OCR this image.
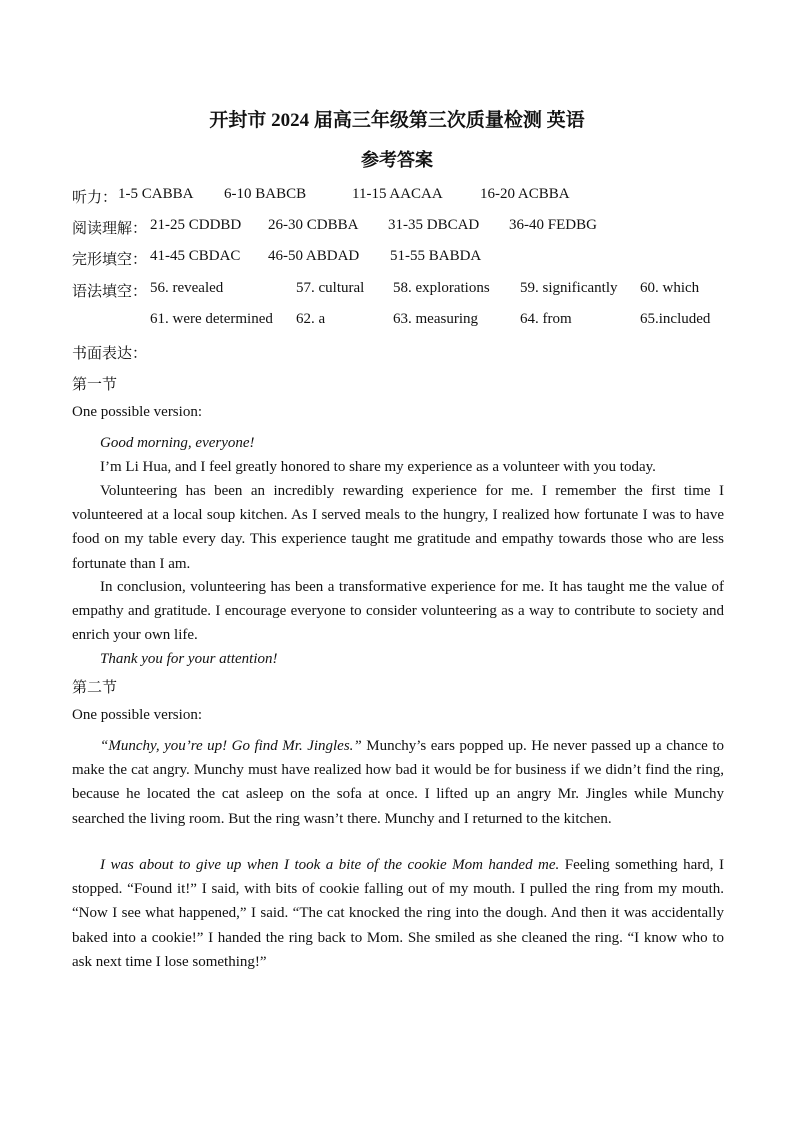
开封市 2024 届高三年级第三次质量检测 英语
参考答案
听力： 1-5 CABBA 6-10 BABCB	11-15 AACAA 16-20 ACBBA
阅读理解： 21-25 CDDBD 26-30 CDBBA 31-35 DBCAD 36-40 FEDBG
完形填空： 41-45 CBDAC 46-50 ABDAD 51-55 BABDA
语法填空： 56. revealed	57. cultural 58. explorations 59. significantly 60. which
61. were determined 62. a	63. measuring	64. from	65.included
书面表达：
第一节
One possible version:

Good morning, everyone!

I’m Li Hua, and I feel greatly honored to share my experience as a volunteer with you today.

Volunteering has been an incredibly rewarding experience for me. I remember the first time I volunteered at a local soup kitchen. As I served meals to the hungry, I realized how fortunate I was to have food on my table every day. This experience taught me gratitude and empathy towards those who are less fortunate than I am.

In conclusion, volunteering has been a transformative experience for me. It has taught me the value of empathy and gratitude. I encourage everyone to consider volunteering as a way to contribute to society and enrich your own life.

Thank you for your attention!

第二节
One possible version:

“Munchy, you’re up! Go find Mr. Jingles.” Munchy’s ears popped up. He never passed up a chance to make the cat angry. Munchy must have realized how bad it would be for business if we didn’t find the ring, because he located the cat asleep on the sofa at once. I lifted up an angry Mr. Jingles while Munchy searched the living room. But the ring wasn’t there. Munchy and I returned to the kitchen.

I was about to give up when I took a bite of the cookie Mom handed me. Feeling something hard, I stopped. “Found it!” I said, with bits of cookie falling out of my mouth. I pulled the ring from my mouth. “Now I see what happened,” I said. “The cat knocked the ring into the dough. And then it was accidentally baked into a cookie!” I handed the ring back to Mom. She smiled as she cleaned the ring. “I know who to ask next time I lose something!”
